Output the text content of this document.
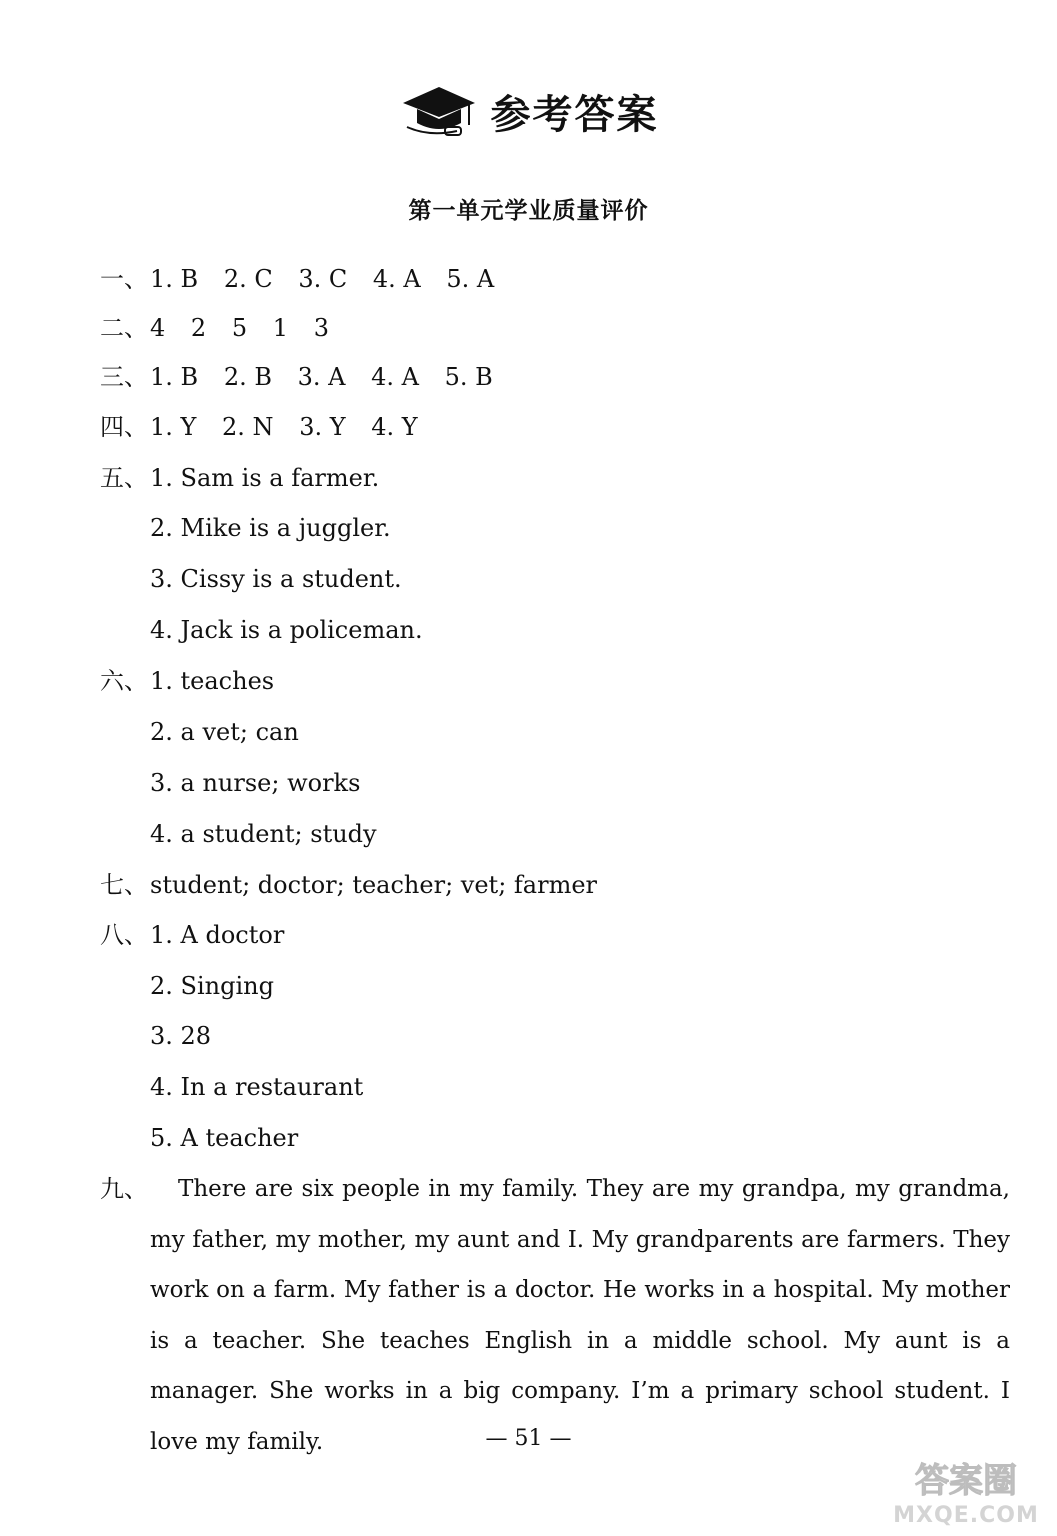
参考答案
第一单元学业质量评价
一、 1. B 2. C 3. C 4. A 5. A
二、 4 2 5 1 3
三、 1. B 2. B 3. A 4. A 5. B
四、 1. Y 2. N 3. Y 4. Y
五、 1. Sam is a farmer.
2. Mike is a juggler.
3. Cissy is a student.
4. Jack is a policeman.
六、 1. teaches
2. a vet; can
3. a nurse; works
4. a student; study
七、 student; doctor; teacher; vet; farmer
八、 1. A doctor
2. Singing
3. 28
4. In a restaurant
5. A teacher
九、	There are six people in my family. They are my grandpa, my grandma, my father, my mother, my aunt and I. My grandparents are farmers. They work on a farm. My father is a doctor. He works in a hospital. My mother is a teacher. She teaches English in a middle school. My aunt is a manager. She works in a big company. I’m a primary school student. I love my family.	— 51 —
答案圈
MXQE.COM
